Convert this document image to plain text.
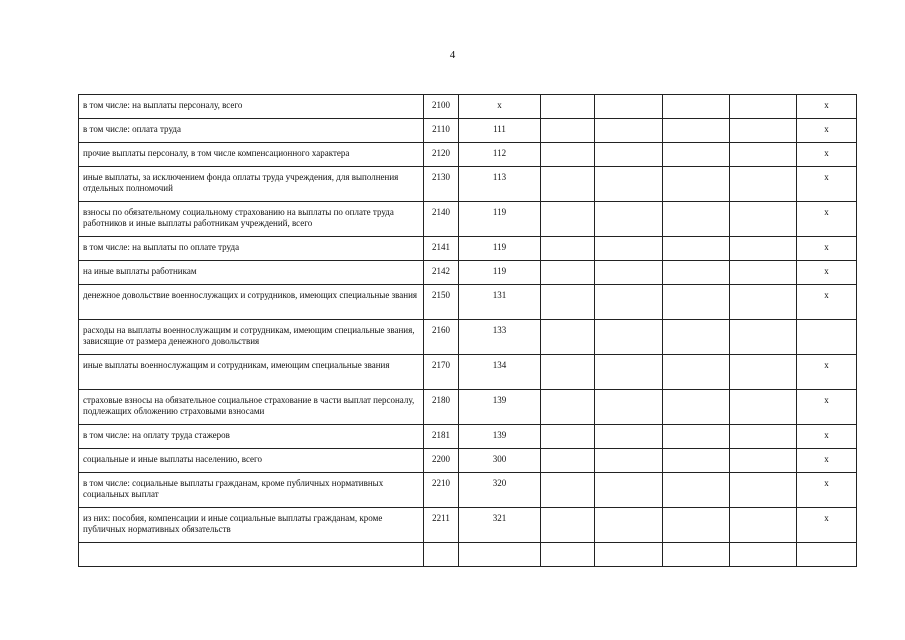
4
в том числе: на выплаты персоналу, всего	2100	x					x
в том числе: оплата труда	2110	111					x
прочие выплаты персоналу, в том числе компенсационного характера	2120	112					x
иные выплаты, за исключением фонда оплаты труда учреждения, для выполнения отдельных полномочий	2130	113					x
взносы по обязательному социальному страхованию на выплаты по оплате труда работников и иные выплаты работникам учреждений, всего	2140	119					x
в том числе: на выплаты по оплате труда	2141	119					x
на иные выплаты работникам	2142	119					x
денежное довольствие военнослужащих и сотрудников, имеющих специальные звания	2150	131					x
расходы на выплаты военнослужащим и сотрудникам, имеющим специальные звания, зависящие от размера денежного довольствия	2160	133					
иные выплаты военнослужащим и сотрудникам, имеющим специальные звания	2170	134					x
страховые взносы на обязательное социальное страхование в части выплат персоналу, подлежащих обложению страховыми взносами	2180	139					x
в том числе: на оплату труда стажеров	2181	139					x
социальные и иные выплаты населению, всего	2200	300					x
в том числе: социальные выплаты гражданам, кроме публичных нормативных социальных выплат	2210	320					x
из них: пособия, компенсации и иные социальные выплаты гражданам, кроме публичных нормативных обязательств	2211	321					x
